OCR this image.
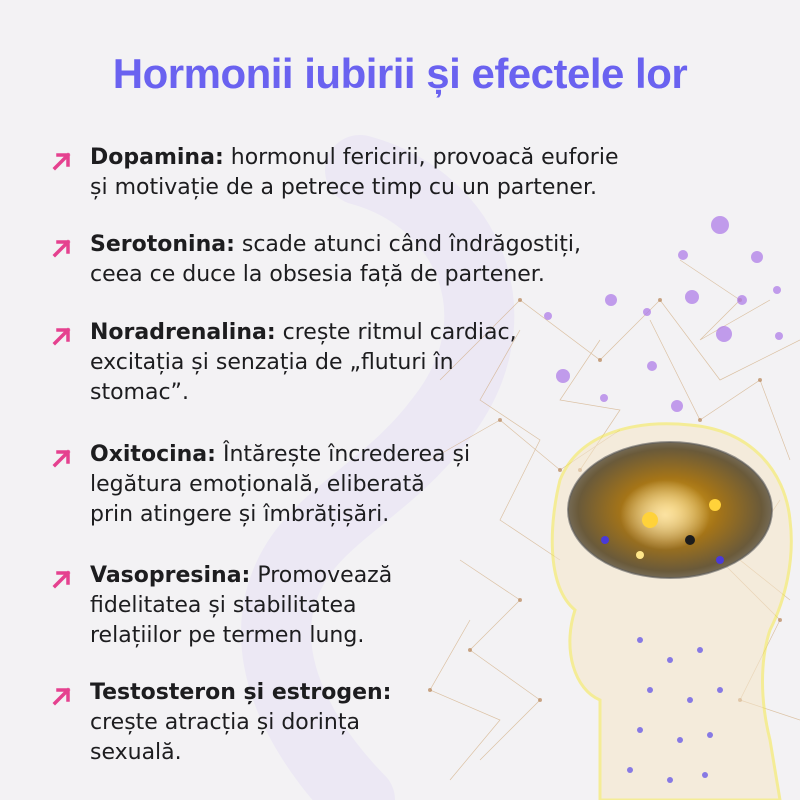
Hormonii iubirii și efectele lor
Dopamina: hormonul fericirii, provoacă euforie
și motivație de a petrece timp cu un partener.
Serotonina: scade atunci când îndrăgostiți,
ceea ce duce la obsesia față de partener.
Noradrenalina: crește ritmul cardiac,
excitația și senzația de „fluturi în
stomac”.
Oxitocina: Întărește încrederea și
legătura emoțională, eliberată
prin atingere și îmbrățișări.
Vasopresina: Promovează
fidelitatea și stabilitatea
relațiilor pe termen lung.
Testosteron și estrogen:
crește atracția și dorința
sexuală.
